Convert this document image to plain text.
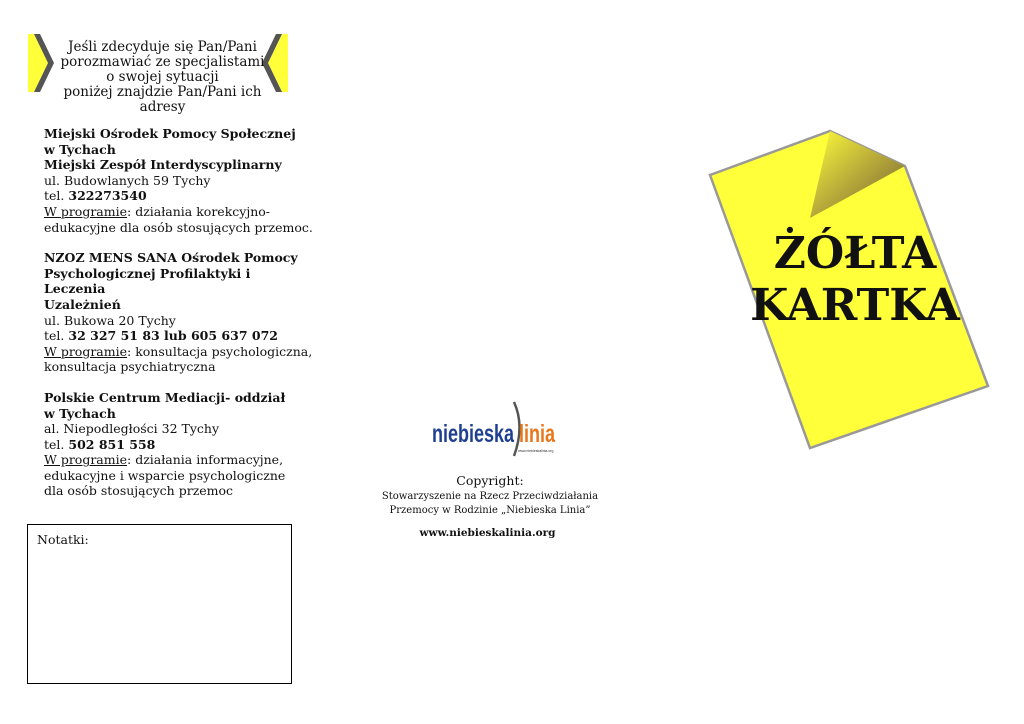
Jeśli zdecyduje się Pan/Pani
porozmawiać ze specjalistami
o swojej sytuacji
poniżej znajdzie Pan/Pani ich adresy
Miejski Ośrodek Pomocy Społecznej
w Tychach
Miejski Zespół Interdyscyplinarny
ul. Budowlanych 59 Tychy
tel. 322273540
W programie: działania korekcyjno-
edukacyjne dla osób stosujących przemoc.
NZOZ MENS SANA Ośrodek Pomocy
Psychologicznej Profilaktyki i Leczenia
Uzależnień
ul. Bukowa 20 Tychy
tel. 32 327 51 83 lub 605 637 072
W programie: konsultacja psychologiczna,
konsultacja psychiatryczna
Polskie Centrum Mediacji- oddział
w Tychach
al. Niepodległości 32 Tychy
tel. 502 851 558
W programie: działania informacyjne,
edukacyjne i wsparcie psychologiczne
dla osób stosujących przemoc
Notatki:
niebieska linia
www.niebieskalinia.org
Copyright:
Stowarzyszenie na Rzecz Przeciwdziałania
Przemocy w Rodzinie „Niebieska Linia”
www.niebieskalinia.org
ŻÓŁTA
KARTKA
